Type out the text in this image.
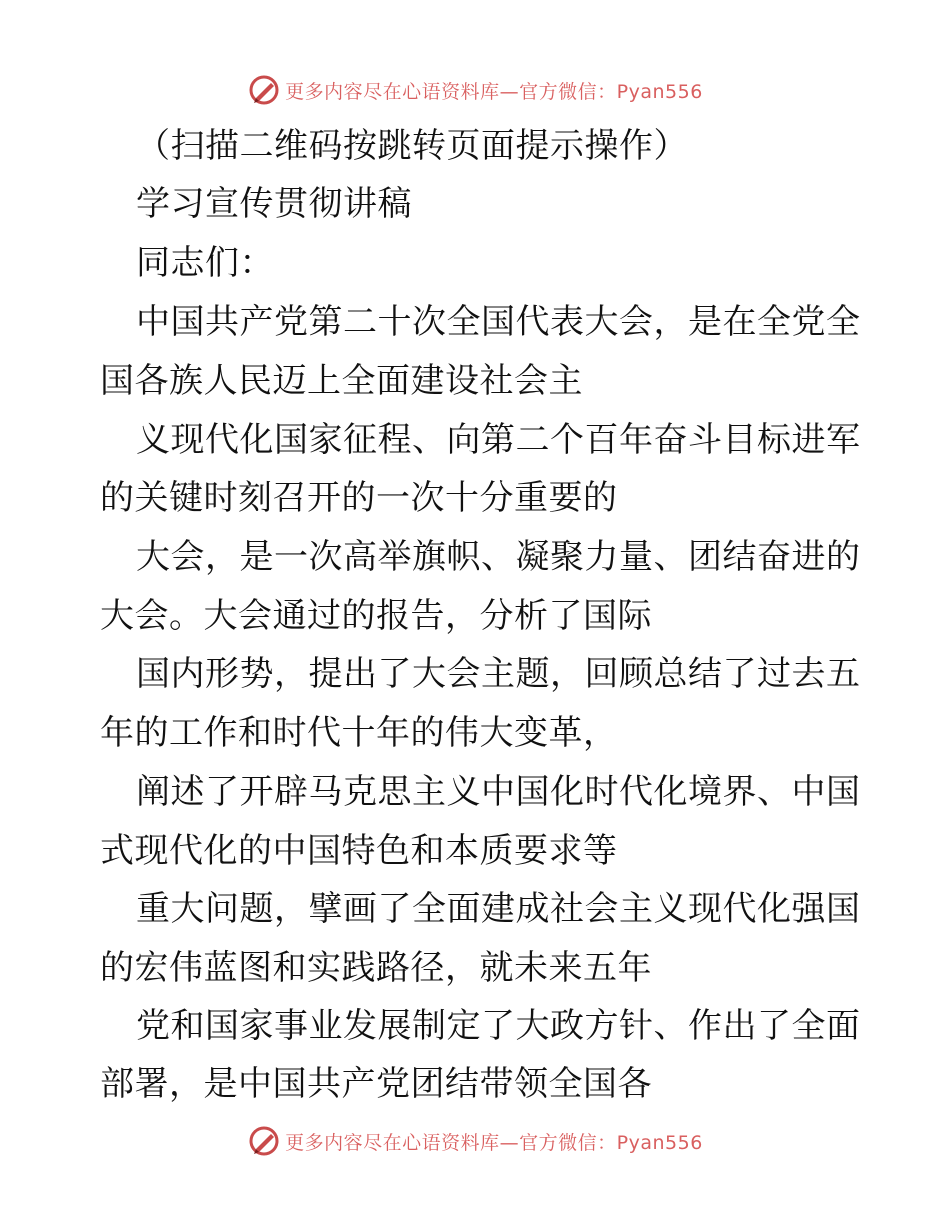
更多内容尽在心语资料库—官方微信：Pyan556
（扫描二维码按跳转页面提示操作）
学习宣传贯彻讲稿
同志们：
中国共产党第二十次全国代表大会，是在全党全
国各族人民迈上全面建设社会主
义现代化国家征程、向第二个百年奋斗目标进军
的关键时刻召开的一次十分重要的
大会，是一次高举旗帜、凝聚力量、团结奋进的
大会。大会通过的报告，分析了国际
国内形势，提出了大会主题，回顾总结了过去五
年的工作和时代十年的伟大变革，
阐述了开辟马克思主义中国化时代化境界、中国
式现代化的中国特色和本质要求等
重大问题，擘画了全面建成社会主义现代化强国
的宏伟蓝图和实践路径，就未来五年
党和国家事业发展制定了大政方针、作出了全面
部署，是中国共产党团结带领全国各
更多内容尽在心语资料库—官方微信：Pyan556
